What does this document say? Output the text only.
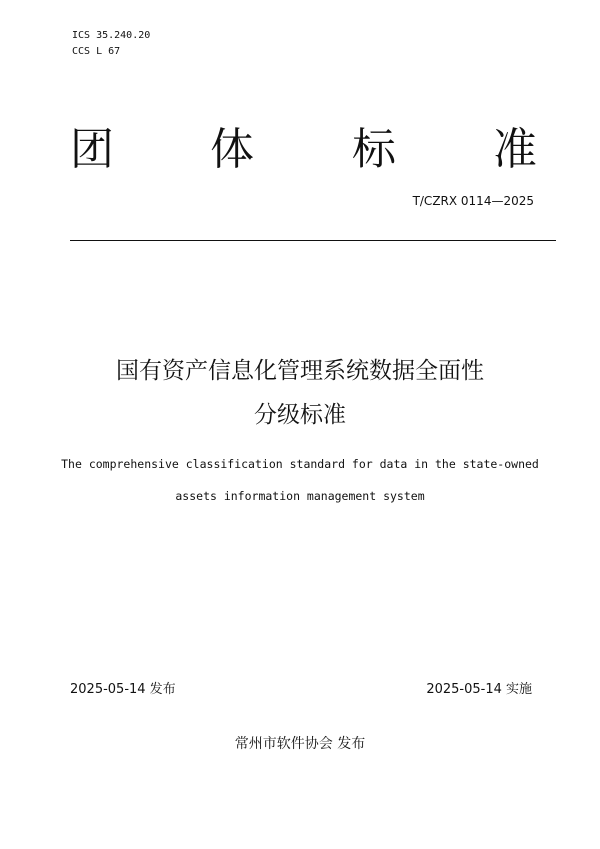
ICS 35.240.20
CCS L 67
团 体 标 准
T/CZRX 0114—2025
国有资产信息化管理系统数据全面性
分级标准
The comprehensive classification standard for data in the state-owned
assets information management system
2025-05-14 发布	2025-05-14 实施
常州市软件协会 发布
